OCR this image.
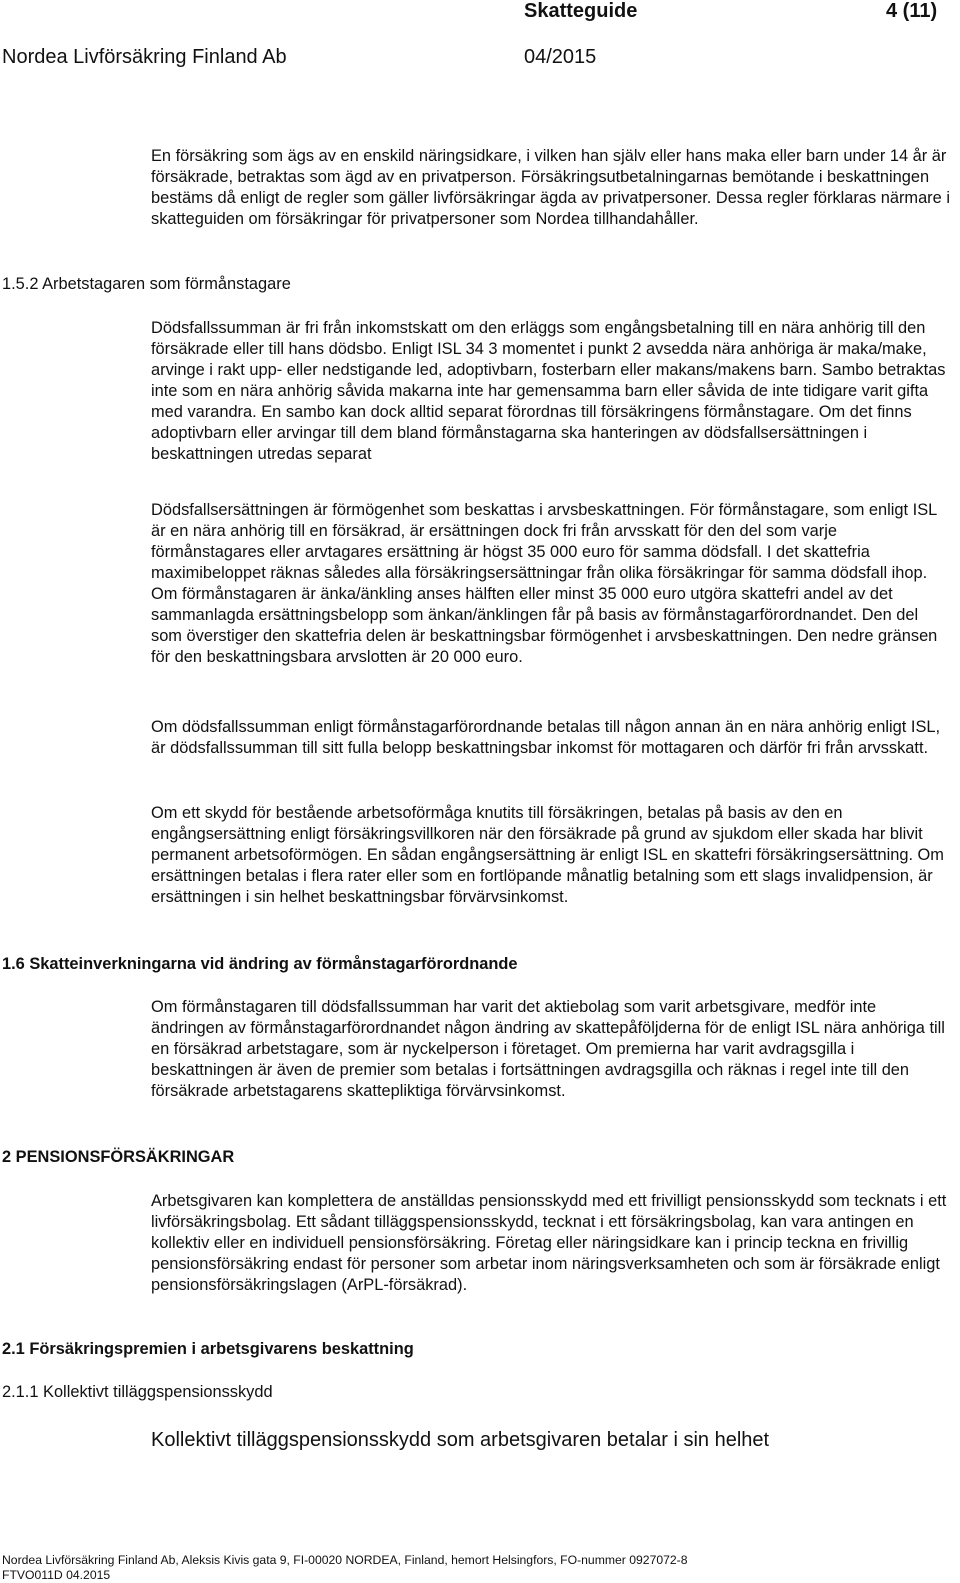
Skatteguide	4 (11)
Nordea Livförsäkring Finland Ab	04/2015
En försäkring som ägs av en enskild näringsidkare, i vilken han själv eller hans maka eller barn under 14 år är försäkrade, betraktas som ägd av en privatperson. Försäkringsutbetalningarnas bemötande i beskattningen bestäms då enligt de regler som gäller livförsäkringar ägda av privatpersoner. Dessa regler förklaras närmare i skatteguiden om försäkringar för privatpersoner som Nordea tillhandahåller.
1.5.2 Arbetstagaren som förmånstagare
Dödsfallssumman är fri från inkomstskatt om den erläggs som engångsbetalning till en nära anhörig till den försäkrade eller till hans dödsbo. Enligt ISL 34 3 momentet i punkt 2 avsedda nära anhöriga är maka/make, arvinge i rakt upp- eller nedstigande led, adoptivbarn, fosterbarn eller makans/makens barn. Sambo betraktas inte som en nära anhörig såvida makarna inte har gemensamma barn eller såvida de inte tidigare varit gifta med varandra. En sambo kan dock alltid separat förordnas till försäkringens förmånstagare. Om det finns adoptivbarn eller arvingar till dem bland förmånstagarna ska hanteringen av dödsfallsersättningen i beskattningen utredas separat
Dödsfallsersättningen är förmögenhet som beskattas i arvsbeskattningen. För förmånstagare, som enligt ISL är en nära anhörig till en försäkrad, är ersättningen dock fri från arvsskatt för den del som varje förmånstagares eller arvtagares ersättning är högst 35 000 euro för samma dödsfall. I det skattefria maximibeloppet räknas således alla försäkringsersättningar från olika försäkringar för samma dödsfall ihop. Om förmånstagaren är änka/änkling anses hälften eller minst 35 000 euro utgöra skattefri andel av det sammanlagda ersättningsbelopp som änkan/änklingen får på basis av förmånstagarförordnandet. Den del som överstiger den skattefria delen är beskattningsbar förmögenhet i arvsbeskattningen. Den nedre gränsen för den beskattningsbara arvslotten är 20 000 euro.
Om dödsfallssumman enligt förmånstagarförordnande betalas till någon annan än en nära anhörig enligt ISL, är dödsfallssumman till sitt fulla belopp beskattningsbar inkomst för mottagaren och därför fri från arvsskatt.
Om ett skydd för bestående arbetsoförmåga knutits till försäkringen, betalas på basis av den en engångsersättning enligt försäkringsvillkoren när den försäkrade på grund av sjukdom eller skada har blivit permanent arbetsoförmögen. En sådan engångsersättning är enligt ISL en skattefri försäkringsersättning. Om ersättningen betalas i flera rater eller som en fortlöpande månatlig betalning som ett slags invalidpension, är ersättningen i sin helhet beskattningsbar förvärvsinkomst.
1.6 Skatteinverkningarna vid ändring av förmånstagarförordnande
Om förmånstagaren till dödsfallssumman har varit det aktiebolag som varit arbetsgivare, medför inte ändringen av förmånstagarförordnandet någon ändring av skattepåföljderna för de enligt ISL nära anhöriga till en försäkrad arbetstagare, som är nyckelperson i företaget. Om premierna har varit avdragsgilla i beskattningen är även de premier som betalas i fortsättningen avdragsgilla och räknas i regel inte till den försäkrade arbetstagarens skattepliktiga förvärvsinkomst.
2 PENSIONSFÖRSÄKRINGAR
Arbetsgivaren kan komplettera de anställdas pensionsskydd med ett frivilligt pensionsskydd som tecknats i ett livförsäkringsbolag. Ett sådant tilläggspensionsskydd, tecknat i ett försäkringsbolag, kan vara antingen en kollektiv eller en individuell pensionsförsäkring. Företag eller näringsidkare kan i princip teckna en frivillig pensionsförsäkring endast för personer som arbetar inom näringsverksamheten och som är försäkrade enligt pensionsförsäkringslagen (ArPL-försäkrad).
2.1 Försäkringspremien i arbetsgivarens beskattning
2.1.1 Kollektivt tilläggspensionsskydd
Kollektivt tilläggspensionsskydd som arbetsgivaren betalar i sin helhet
Nordea Livförsäkring Finland Ab, Aleksis Kivis gata 9, FI-00020 NORDEA, Finland, hemort Helsingfors, FO-nummer 0927072-8
FTVO011D 04.2015
